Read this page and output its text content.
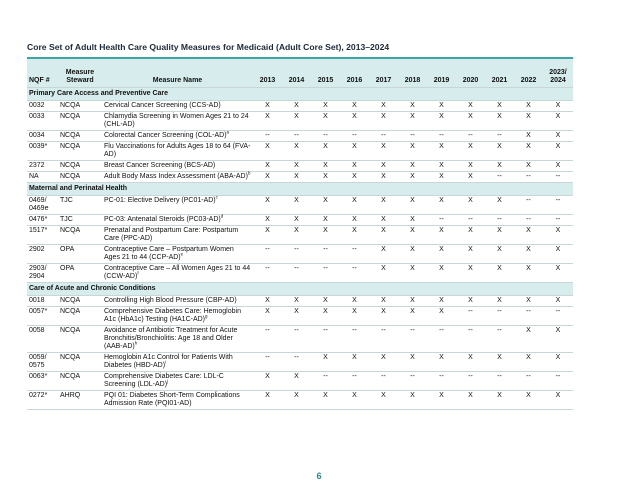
Core Set of Adult Health Care Quality Measures for Medicaid (Adult Core Set), 2013–2024
NQF #	Measure Steward	Measure Name	2013	2014	2015	2016	2017	2018	2019	2020	2021	2022	2023/ 2024
Primary Care Access and Preventive Care													
0032	NCQA	Cervical Cancer Screening (CCS-AD)	X	X	X	X	X	X	X	X	X	X	X
0033	NCQA	Chlamydia Screening in Women Ages 21 to 24 (CHL-AD)	X	X	X	X	X	X	X	X	X	X	X
0034	NCQA	Colorectal Cancer Screening $(COL-AD)^a$	--	--	--	--	--	--	--	--	--	X	X
0039*	NCQA	Flu Vaccinations for Adults Ages 18 to 64 (FVA-AD)	X	X	X	X	X	X	X	X	X	X	X
2372	NCQA	Breast Cancer Screening (BCS-AD)	X	X	X	X	X	X	X	X	X	X	X
NA	NCQA	Adult Body Mass Index Assessment $(ABA-AD)^b$	X	X	X	X	X	X	X	X	--	--	--
Maternal and Perinatal Health													
0469/ 0469e	TJC	PC-01: Elective Delivery $(PC01-AD)^c$	X	X	X	X	X	X	X	X	X	--	--
0476*	TJC	PC-03: Antenatal Steroids $(PC03-AD)^d$	X	X	X	X	X	X	--	--	--	--	--
1517*	NCQA	Prenatal and Postpartum Care: Postpartum Care (PPC-AD)	X	X	X	X	X	X	X	X	X	X	X
2902	OPA	Contraceptive Care – Postpartum Women Ages 21 to 44 $(CCP-AD)^e$	--	--	--	--	X	X	X	X	X	X	X
2903/ 2904	OPA	Contraceptive Care – All Women Ages 21 to 44 $(CCW-AD)^f$	--	--	--	--	X	X	X	X	X	X	X
Care of Acute and Chronic Conditions													
0018	NCQA	Controlling High Blood Pressure (CBP-AD)	X	X	X	X	X	X	X	X	X	X	X
0057*	NCQA	Comprehensive Diabetes Care: Hemoglobin A1c (HbA1c) Testing $(HA1C-AD)^g$	X	X	X	X	X	X	X	--	--	--	--
0058	NCQA	Avoidance of Antibiotic Treatment for Acute Bronchitis/Bronchiolitis: Age 18 and Older $(AAB-AD)^h$	--	--	--	--	--	--	--	--	--	X	X
0059/ 0575	NCQA	Hemoglobin A1c Control for Patients With Diabetes $(HBD-AD)^i$	--	--	X	X	X	X	X	X	X	X	X
0063*	NCQA	Comprehensive Diabetes Care: LDL-C Screening $(LDL-AD)^j$	X	X	--	--	--	--	--	--	--	--	--
0272*	AHRQ	PQI 01: Diabetes Short-Term Complications Admission Rate (PQI01-AD)	X	X	X	X	X	X	X	X	X	X	X
6
